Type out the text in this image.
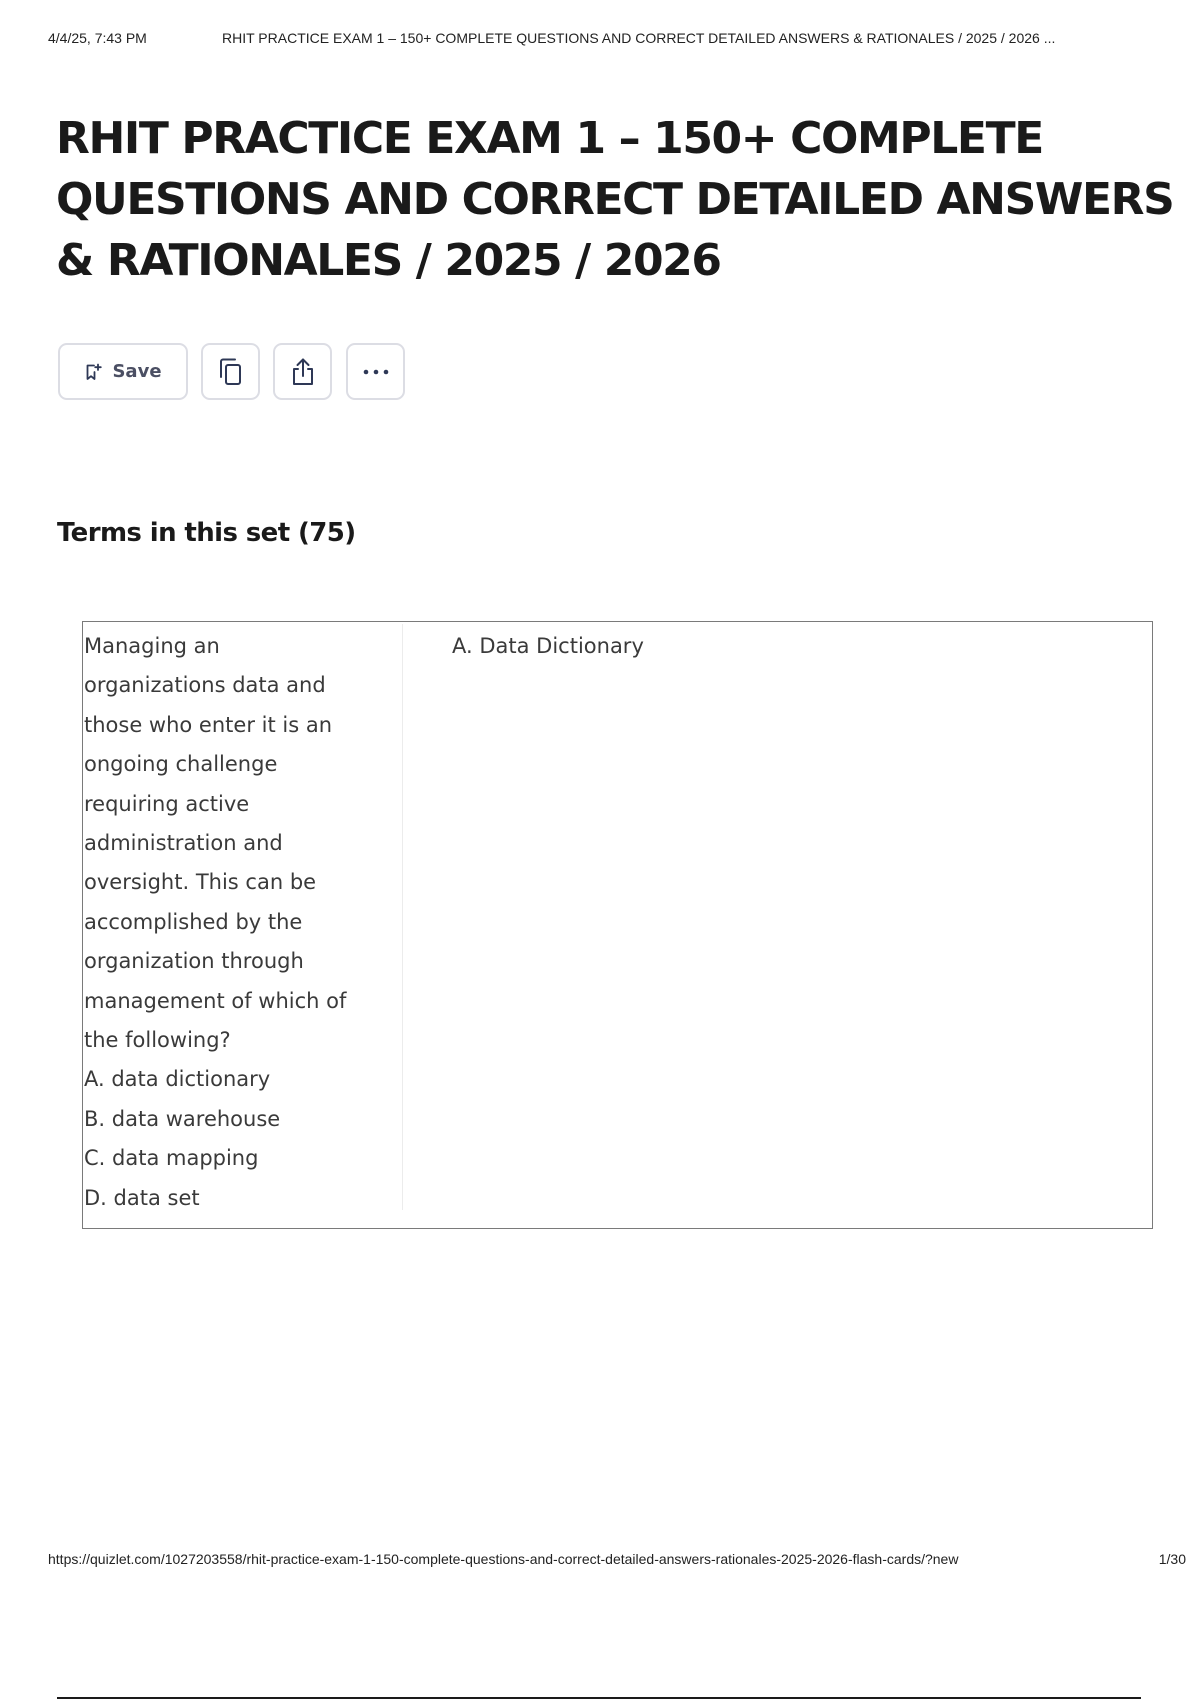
4/4/25, 7:43 PM	RHIT PRACTICE EXAM 1 – 150+ COMPLETE QUESTIONS AND CORRECT DETAILED ANSWERS & RATIONALES / 2025 / 2026 ...
RHIT PRACTICE EXAM 1 – 150+ COMPLETE QUESTIONS AND CORRECT DETAILED ANSWERS & RATIONALES / 2025 / 2026
Save
Terms in this set (75)
Managing an
organizations data and
those who enter it is an
ongoing challenge
requiring active
administration and
oversight. This can be
accomplished by the
organization through
management of which of
the following?
A. data dictionary
B. data warehouse
C. data mapping
D. data set
A. Data Dictionary
https://quizlet.com/1027203558/rhit-practice-exam-1-150-complete-questions-and-correct-detailed-answers-rationales-2025-2026-flash-cards/?new	1/30
